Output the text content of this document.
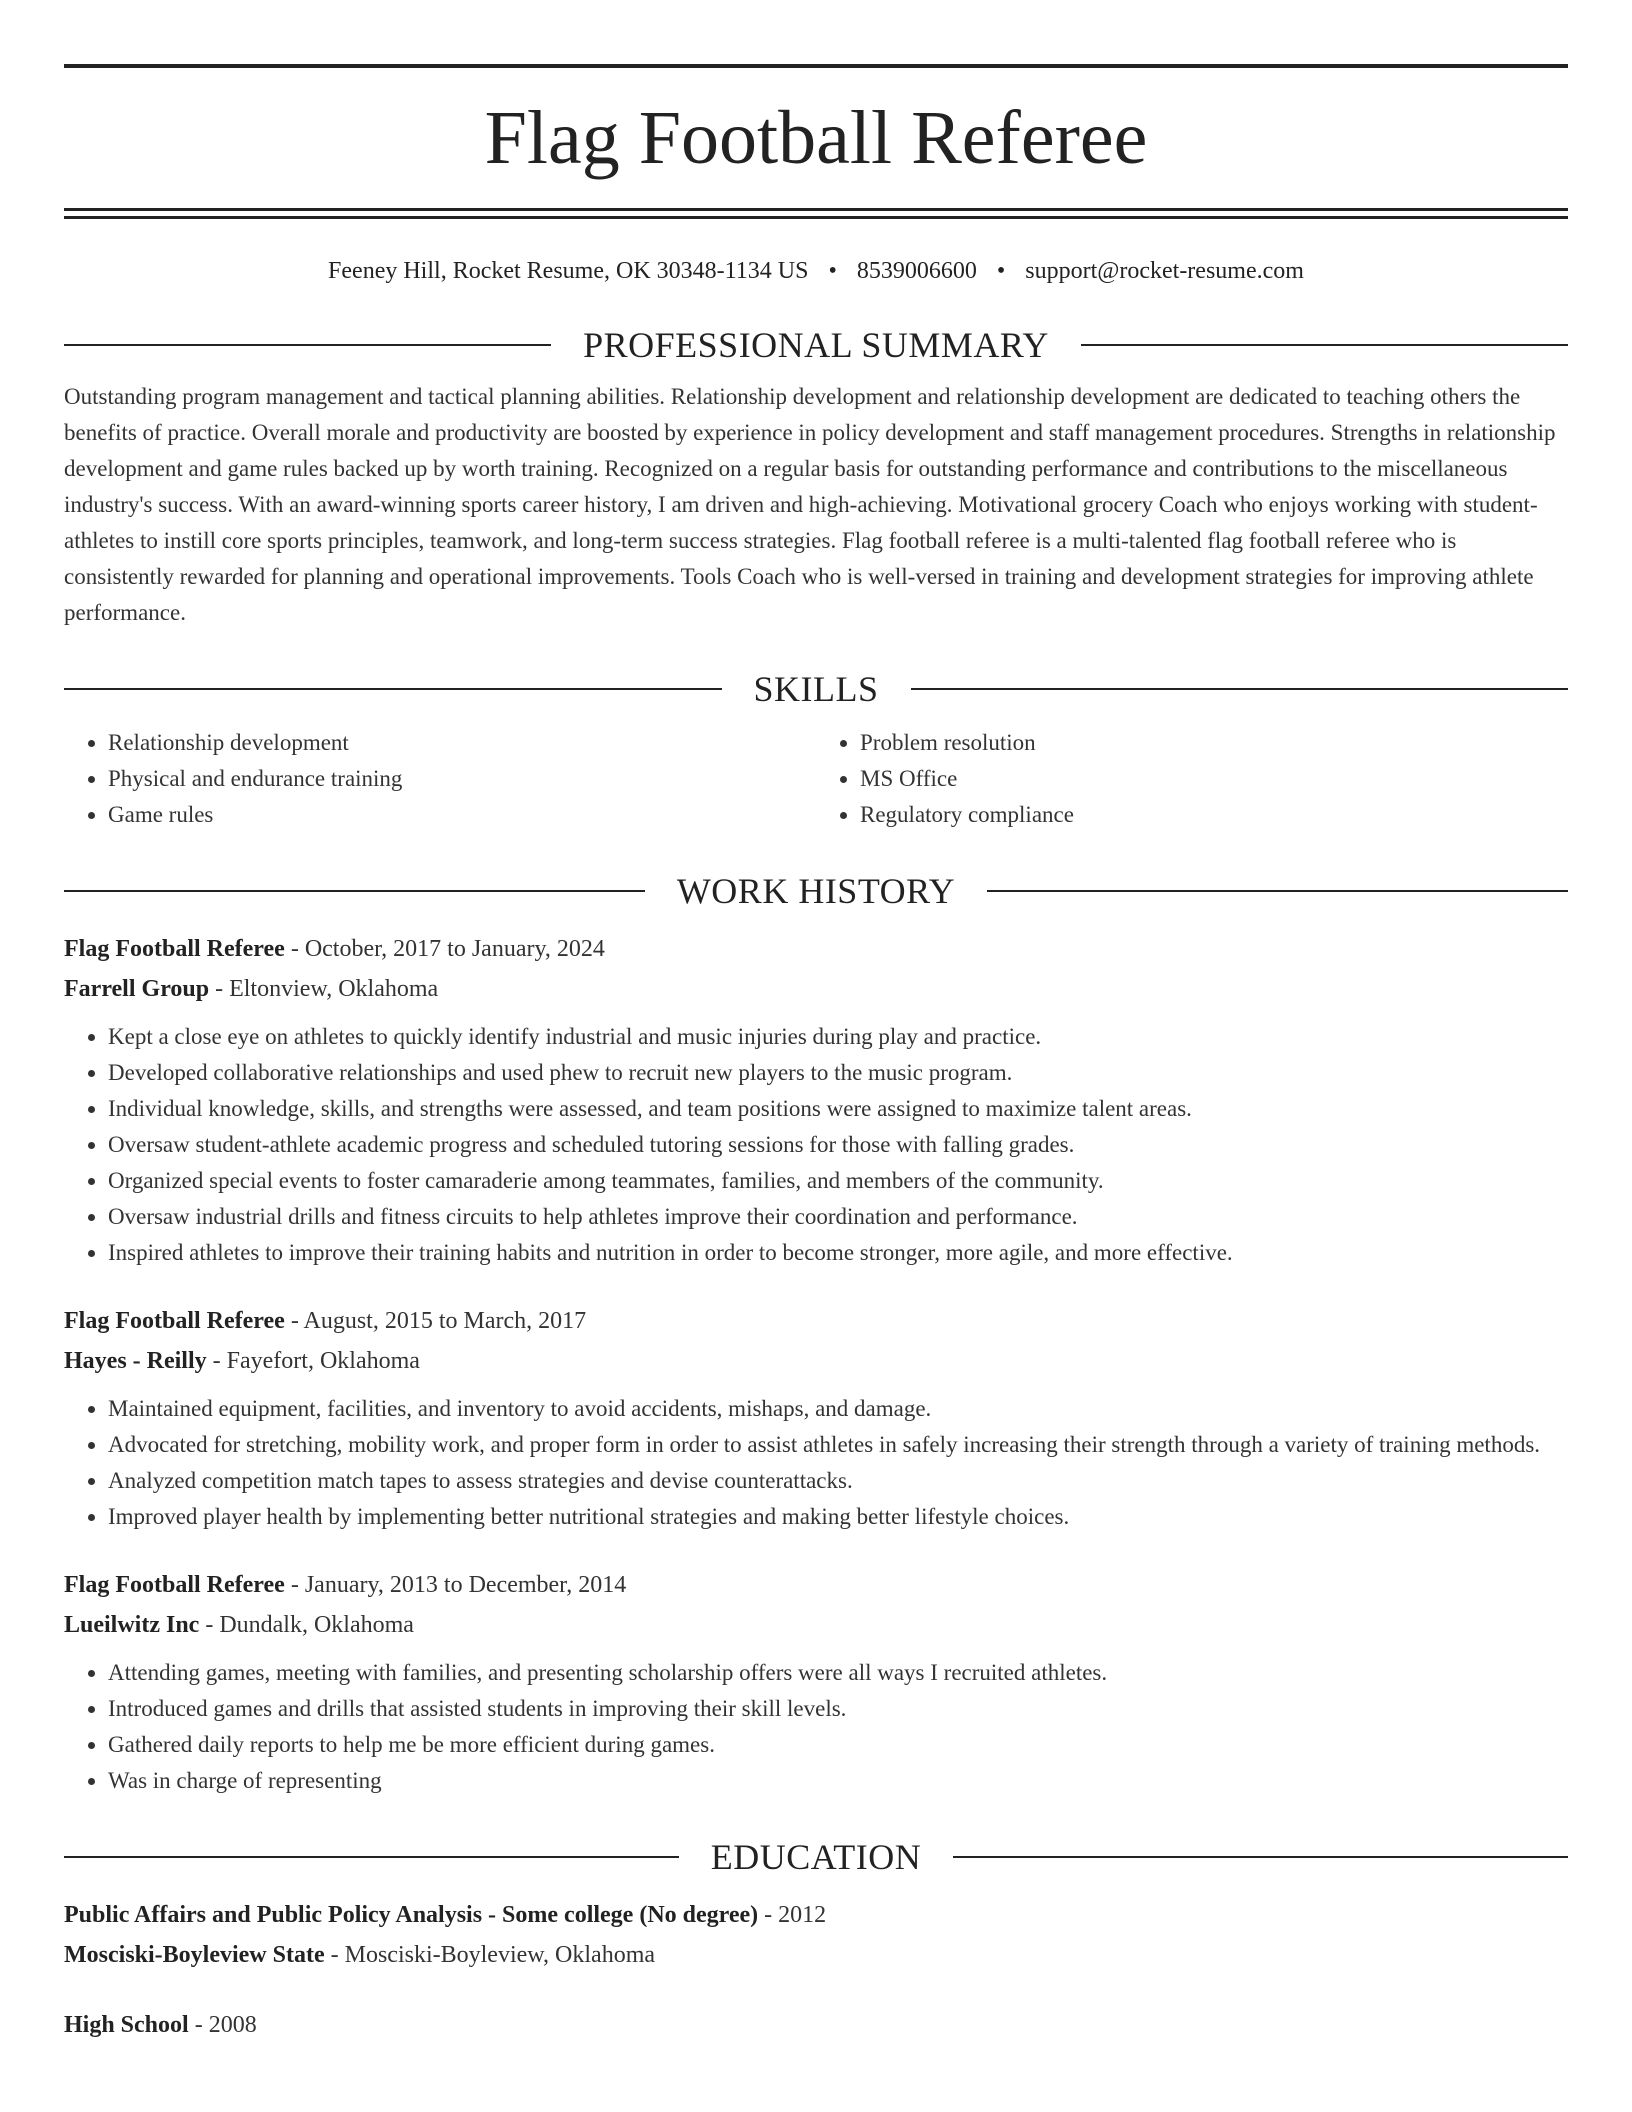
Flag Football Referee
Feeney Hill, Rocket Resume, OK 30348-1134 US • 8539006600 • support@rocket-resume.com
PROFESSIONAL SUMMARY

Outstanding program management and tactical planning abilities. Relationship development and relationship development are dedicated to teaching others the benefits of practice. Overall morale and productivity are boosted by experience in policy development and staff management procedures. Strengths in relationship development and game rules backed up by worth training. Recognized on a regular basis for outstanding performance and contributions to the miscellaneous industry's success. With an award-winning sports career history, I am driven and high-achieving. Motivational grocery Coach who enjoys working with student-athletes to instill core sports principles, teamwork, and long-term success strategies. Flag football referee is a multi-talented flag football referee who is consistently rewarded for planning and operational improvements. Tools Coach who is well-versed in training and development strategies for improving athlete performance.

SKILLS
• Relationship development
• Physical and endurance training
• Game rules
• Problem resolution
• MS Office
• Regulatory compliance
WORK HISTORY
Flag Football Referee - October, 2017 to January, 2024
Farrell Group - Eltonview, Oklahoma
• Kept a close eye on athletes to quickly identify industrial and music injuries during play and practice.
• Developed collaborative relationships and used phew to recruit new players to the music program.
• Individual knowledge, skills, and strengths were assessed, and team positions were assigned to maximize talent areas.
• Oversaw student-athlete academic progress and scheduled tutoring sessions for those with falling grades.
• Organized special events to foster camaraderie among teammates, families, and members of the community.
• Oversaw industrial drills and fitness circuits to help athletes improve their coordination and performance.
• Inspired athletes to improve their training habits and nutrition in order to become stronger, more agile, and more effective.
Flag Football Referee - August, 2015 to March, 2017
Hayes - Reilly - Fayefort, Oklahoma
• Maintained equipment, facilities, and inventory to avoid accidents, mishaps, and damage.
• Advocated for stretching, mobility work, and proper form in order to assist athletes in safely increasing their strength through a variety of training methods.
• Analyzed competition match tapes to assess strategies and devise counterattacks.
• Improved player health by implementing better nutritional strategies and making better lifestyle choices.
Flag Football Referee - January, 2013 to December, 2014
Lueilwitz Inc - Dundalk, Oklahoma
• Attending games, meeting with families, and presenting scholarship offers were all ways I recruited athletes.
• Introduced games and drills that assisted students in improving their skill levels.
• Gathered daily reports to help me be more efficient during games.
• Was in charge of representing
EDUCATION
Public Affairs and Public Policy Analysis - Some college (No degree) - 2012
Mosciski-Boyleview State - Mosciski-Boyleview, Oklahoma
High School - 2008
